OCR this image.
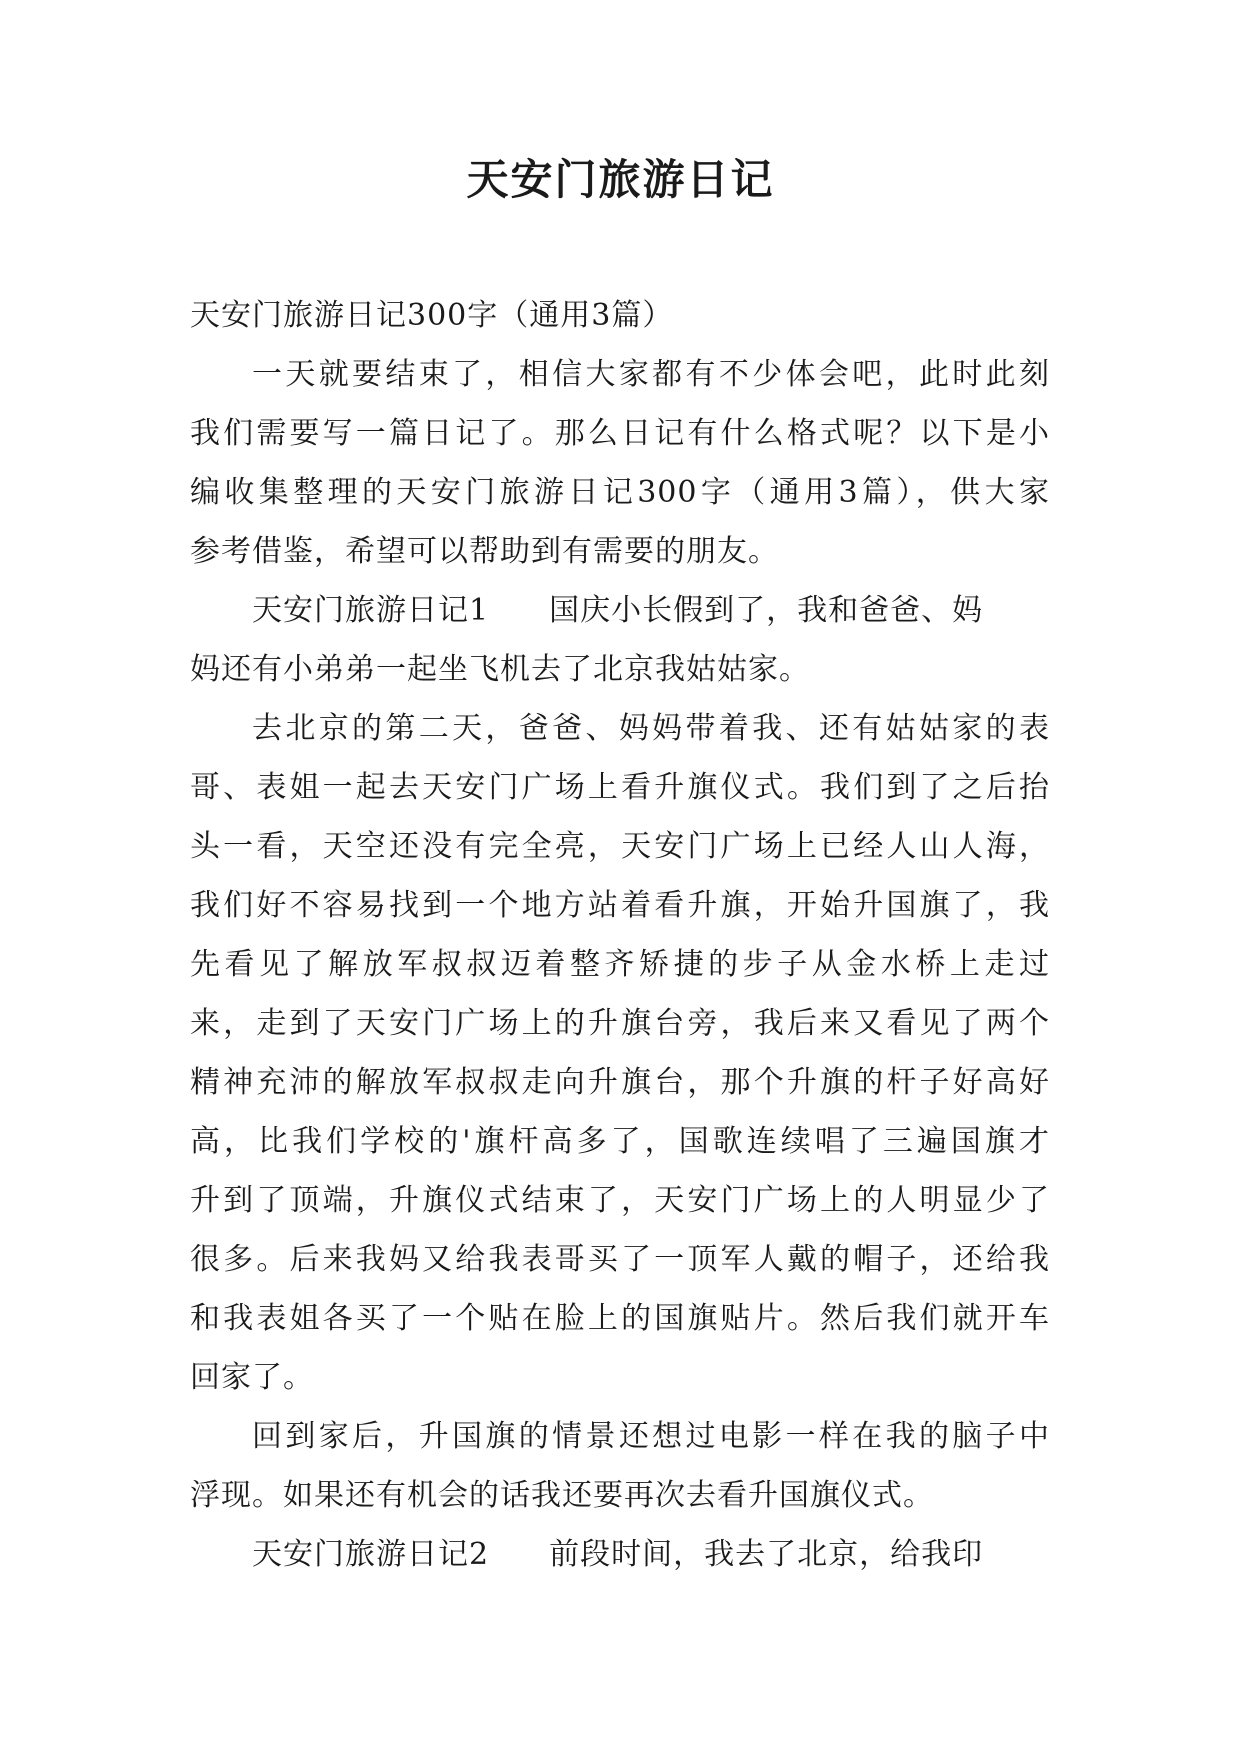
天安门旅游日记
天安门旅游日记300字（通用3篇）
一天就要结束了，相信大家都有不少体会吧，此时此刻
我们需要写一篇日记了。那么日记有什么格式呢？以下是小
编收集整理的天安门旅游日记300字（通用3篇），供大家
参考借鉴，希望可以帮助到有需要的朋友。
天安门旅游日记1 国庆小长假到了，我和爸爸、妈
妈还有小弟弟一起坐飞机去了北京我姑姑家。
去北京的第二天，爸爸、妈妈带着我、还有姑姑家的表
哥、表姐一起去天安门广场上看升旗仪式。我们到了之后抬
头一看，天空还没有完全亮，天安门广场上已经人山人海，
我们好不容易找到一个地方站着看升旗，开始升国旗了，我
先看见了解放军叔叔迈着整齐矫捷的步子从金水桥上走过
来，走到了天安门广场上的升旗台旁，我后来又看见了两个
精神充沛的解放军叔叔走向升旗台，那个升旗的杆子好高好
高，比我们学校的'旗杆高多了，国歌连续唱了三遍国旗才
升到了顶端，升旗仪式结束了，天安门广场上的人明显少了
很多。后来我妈又给我表哥买了一顶军人戴的帽子，还给我
和我表姐各买了一个贴在脸上的国旗贴片。然后我们就开车
回家了。
回到家后，升国旗的情景还想过电影一样在我的脑子中
浮现。如果还有机会的话我还要再次去看升国旗仪式。
天安门旅游日记2 前段时间，我去了北京，给我印
